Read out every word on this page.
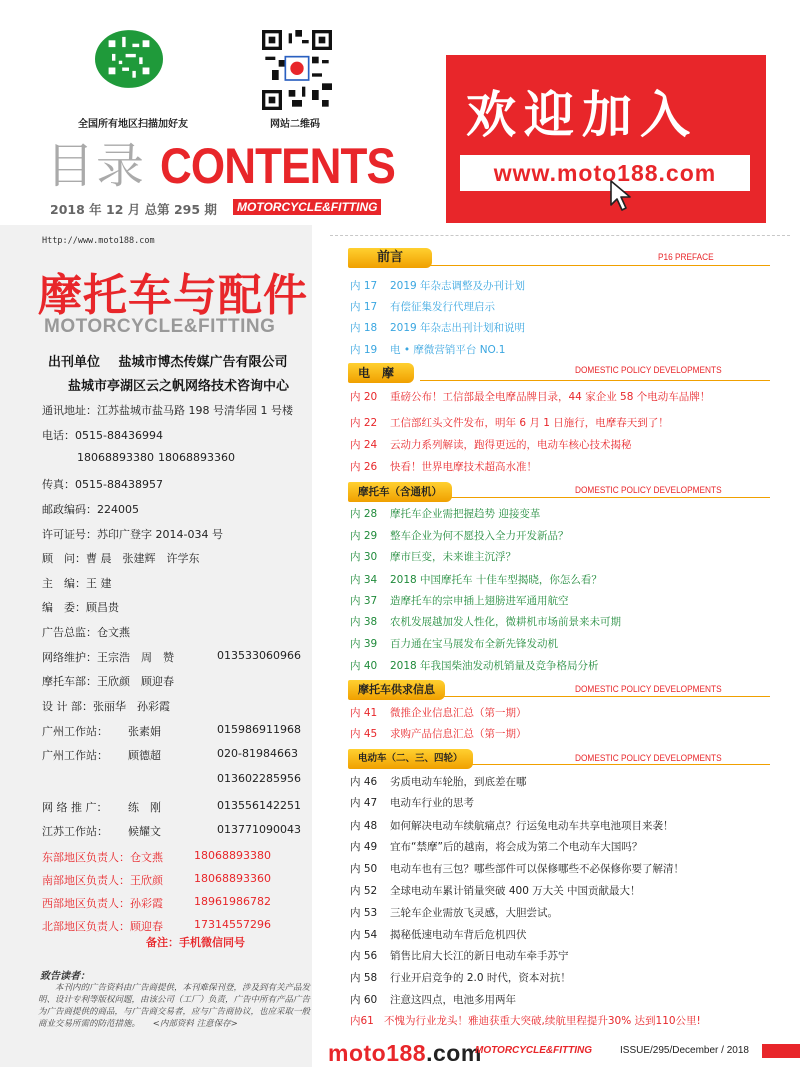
全国所有地区扫描加好友	网站二维码
目录 CONTENTS
2018 年 12 月 总第 295 期	MOTORCYCLE&FITTING
欢迎加入
www.moto188.com
Http://www.moto188.com
摩托车与配件
MOTORCYCLE&FITTING
出刊单位 盐城市博杰传媒广告有限公司
盐城市亭湖区云之帆网络技术咨询中心
通讯地址：江苏盐城市盐马路 198 号清华园 1 号楼
电话：0515-88436994
18068893380 18068893360
传真：0515-88438957
邮政编码：224005
许可证号：苏印广登字 2014-034 号
顾　问：曹 晨　张建辉　许学东
主　编：王 建
编　委：顾昌贵
广告总监：仓文燕
网络维护：王宗浩　周　赞	013533060966
摩托车部：王欣颜　顾迎春
设 计 部：张丽华　孙彩霞
广州工作站： 张素娟	015986911968
广州工作站： 顾德超	020-81984663
013602285956
网 络 推 广： 练　刚	013556142251
江苏工作站： 候耀文	013771090043
东部地区负责人：仓文燕	18068893380
南部地区负责人：王欣颜	18068893360
西部地区负责人：孙彩霞	18961986782
北部地区负责人：顾迎春	17314557296
备注：手机微信同号
致告读者：
本刊内的广告资料由广告商提供，本刊难保刊登，涉及到有关产品发明、设计专利等版权问题，由该公司（工厂）负责，广告中所有产品广告为广告商提供的商品，与广告商交易者，应与广告商协议，也应采取一般商业交易所需的防范措施。　　<内部资料 注意保存>
前言	P16 PREFACE
内 17 2019 年杂志调整及办刊计划
内 17 有偿征集发行代理启示
内 18 2019 年杂志出刊计划和说明
内 19 电 • 摩微营销平台 NO.1
电　摩	DOMESTIC POLICY DEVELOPMENTS
内 20 重磅公布！工信部最全电摩品牌目录，44 家企业 58 个电动车品牌！
内 22 工信部红头文件发布，明年 6 月 1 日施行，电摩春天到了！
内 24 云动力系列解读，跑得更远的，电动车核心技术揭秘
内 26 快看！世界电摩技术超高水准！
摩托车（含通机）	DOMESTIC POLICY DEVELOPMENTS
内 28 摩托车企业需把握趋势 迎接变革
内 29 整车企业为何不愿投入全力开发新品？
内 30 摩市巨变，未来谁主沉浮？
内 34 2018 中国摩托车 十佳车型揭晓，你怎么看？
内 37 造摩托车的宗申插上翅膀进军通用航空
内 38 农机发展越加发人性化，微耕机市场前景来未可期
内 39 百力通在宝马展发布全新先锋发动机
内 40 2018 年我国柴油发动机销量及竞争格局分析
摩托车供求信息	DOMESTIC POLICY DEVELOPMENTS
内 41 微推企业信息汇总（第一期）
内 45 求购产品信息汇总（第一期）
电动车（二、三、四轮）	DOMESTIC POLICY DEVELOPMENTS
内 46 劣质电动车轮胎，到底差在哪
内 47 电动车行业的思考
内 48 如何解决电动车续航痛点？行运兔电动车共享电池项目来袭！
内 49 宜布“禁摩”后的越南，将会成为第二个电动车大国吗？
内 50 电动车也有三包？哪些部件可以保修哪些不必保修你要了解清！
内 52 全球电动车累计销量突破 400 万大关 中国贡献最大！
内 53 三轮车企业需放飞灵感，大胆尝试。
内 54 揭秘低速电动车背后危机四伏
内 56 销售比肩大长江的新日电动车牵手苏宁
内 58 行业开启竞争的 2.0 时代，资本对抗！
内 60 注意这四点，电池多用两年
内61 不愧为行业龙头！雅迪获重大突破,续航里程提升30% 达到110公里!
moto188.com
MOTORCYCLE&FITTING	ISSUE/295/December / 2018
